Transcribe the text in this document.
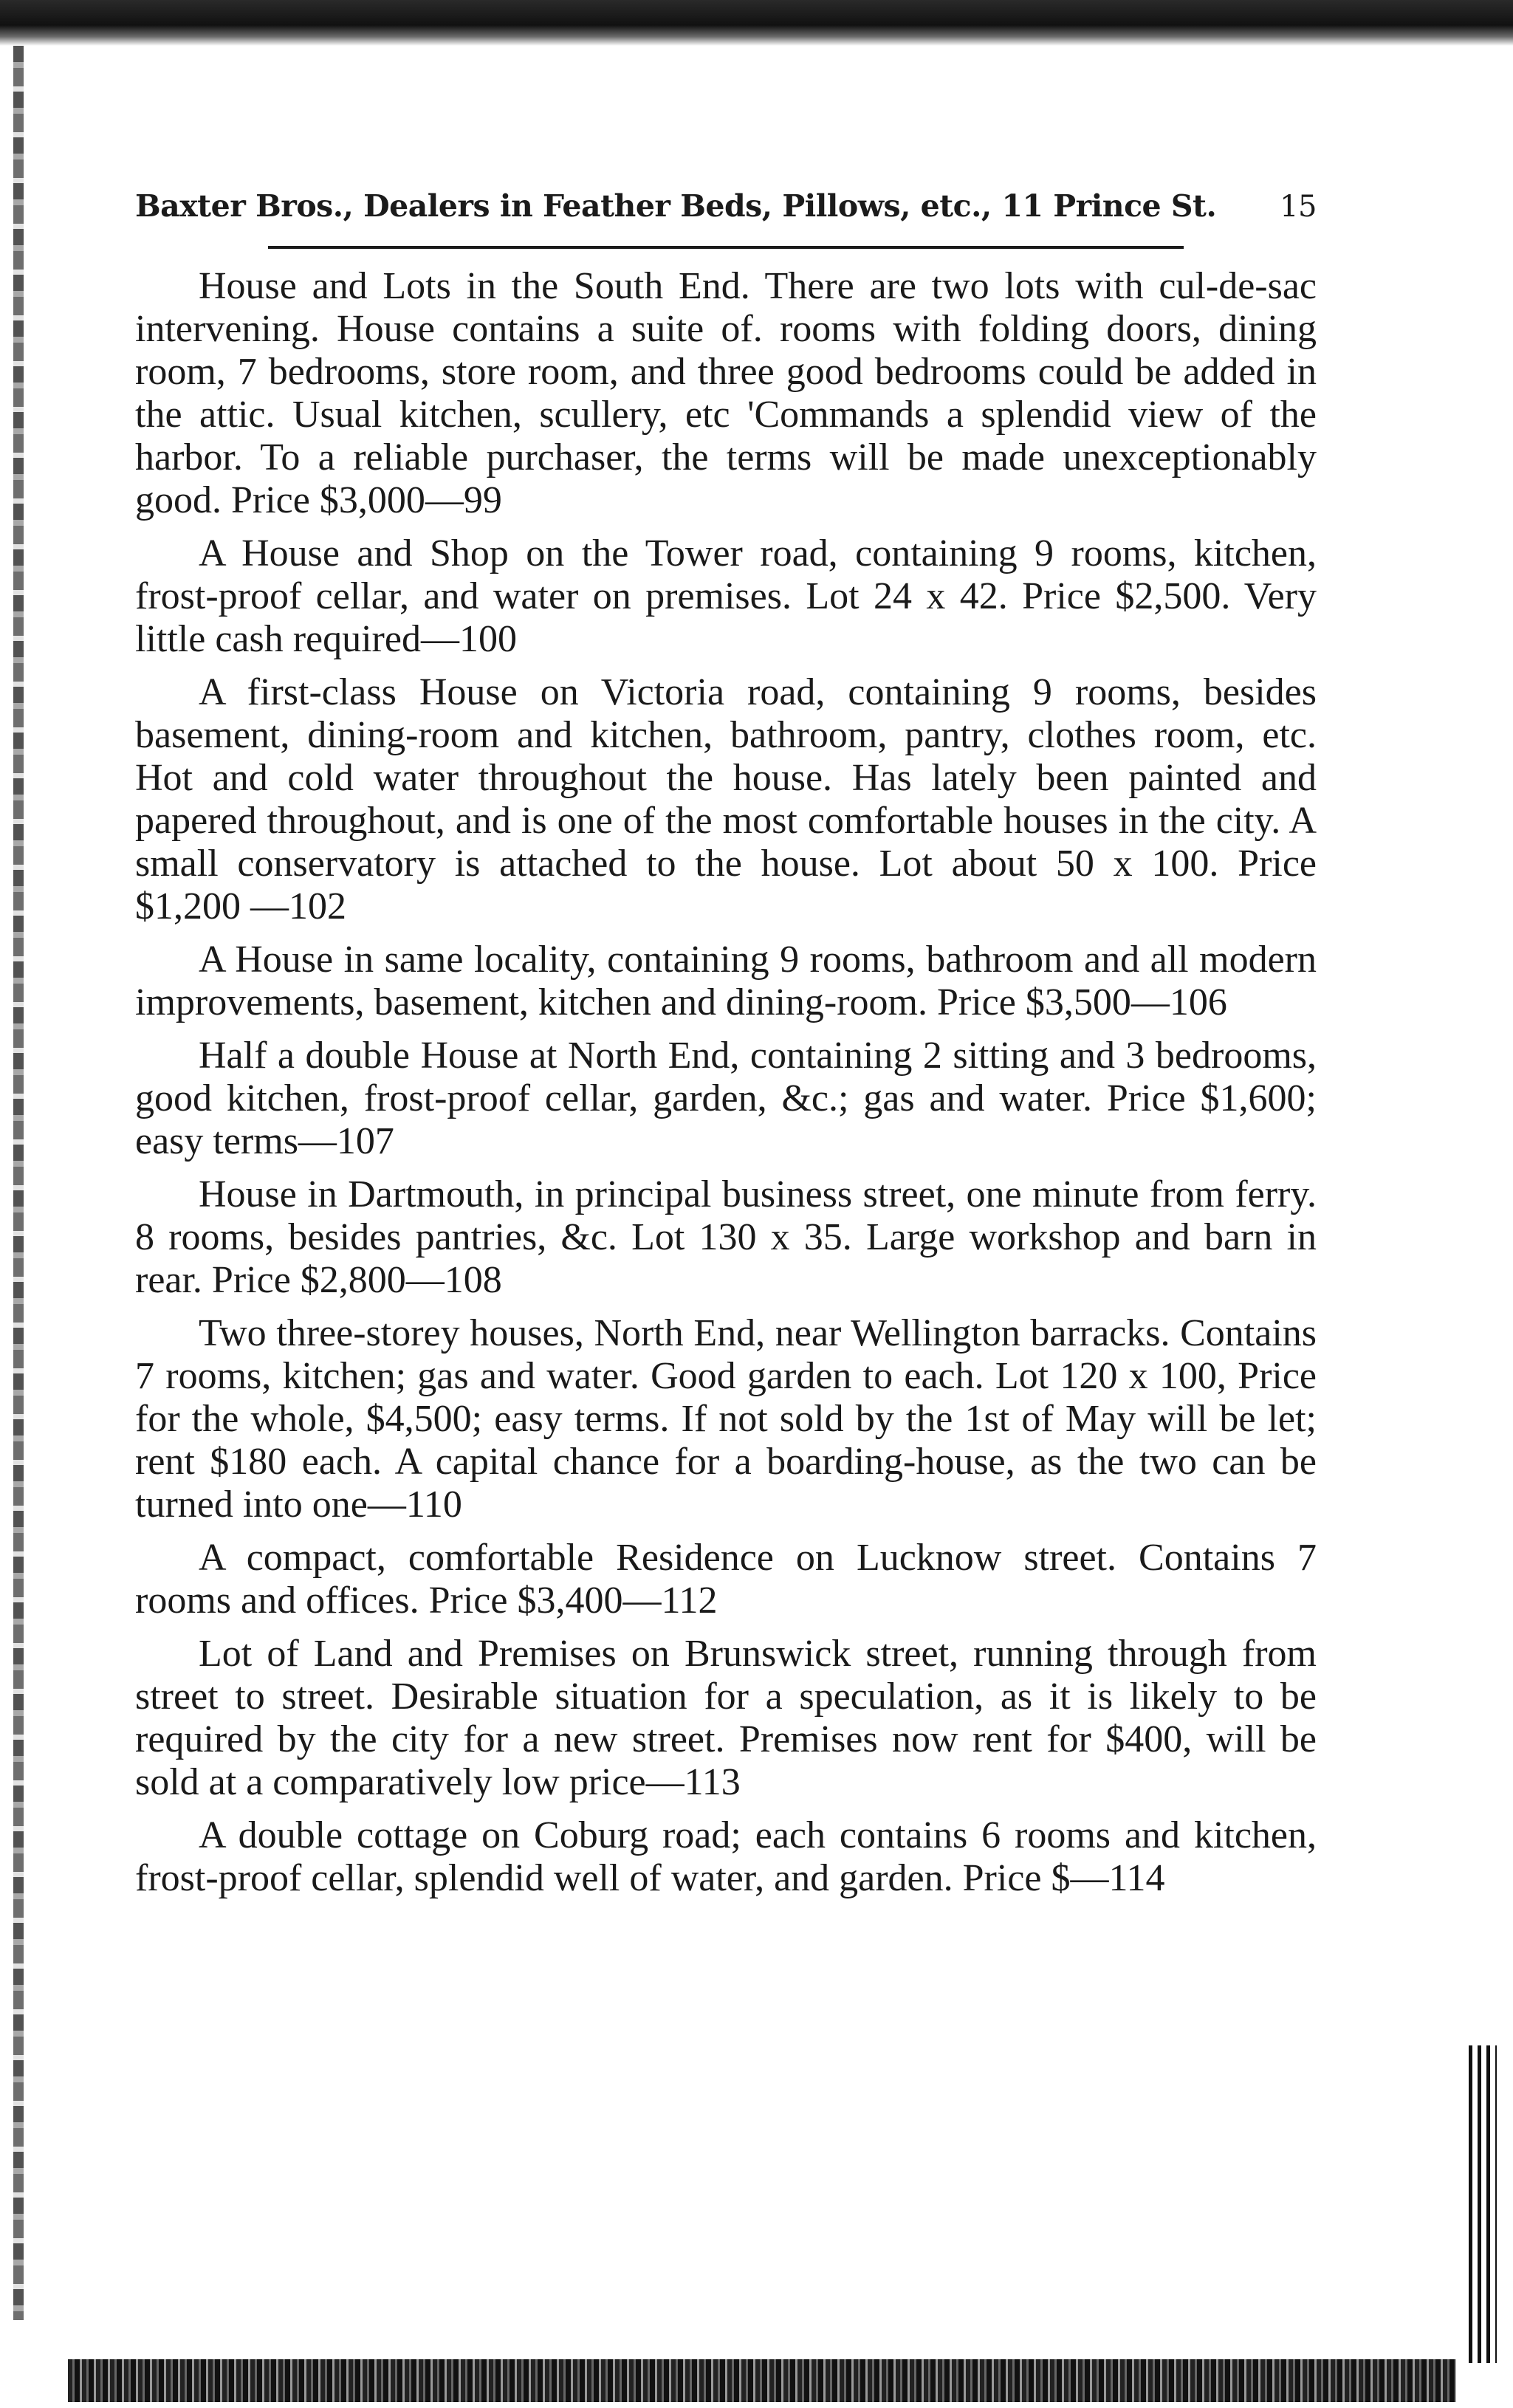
Baxter Bros., Dealers in Feather Beds, Pillows, etc., 11 Prince St. 15

House and Lots in the South End. There are two lots with cul-de-sac intervening. House contains a suite of. rooms with folding doors, dining room, 7 bedrooms, store room, and three good bedrooms could be added in the attic. Usual kitchen, scullery, etc 'Commands a splendid view of the harbor. To a reliable purchaser, the terms will be made unexceptionably good. Price $3,000—99

A House and Shop on the Tower road, containing 9 rooms, kitchen, frost-proof cellar, and water on premises. Lot 24 x 42. Price $2,500. Very little cash required—100

A first-class House on Victoria road, containing 9 rooms, besides basement, dining-room and kitchen, bathroom, pantry, clothes room, etc. Hot and cold water throughout the house. Has lately been painted and papered throughout, and is one of the most comfortable houses in the city. A small conservatory is attached to the house. Lot about 50 x 100. Price $1,200 —102

A House in same locality, containing 9 rooms, bathroom and all modern improvements, basement, kitchen and dining-room. Price $3,500—106

Half a double House at North End, containing 2 sitting and 3 bedrooms, good kitchen, frost-proof cellar, garden, &c.; gas and water. Price $1,600; easy terms—107

House in Dartmouth, in principal business street, one minute from ferry. 8 rooms, besides pantries, &c. Lot 130 x 35. Large workshop and barn in rear. Price $2,800—108

Two three-storey houses, North End, near Wellington barracks. Contains 7 rooms, kitchen; gas and water. Good garden to each. Lot 120 x 100, Price for the whole, $4,500; easy terms. If not sold by the 1st of May will be let; rent $180 each. A capital chance for a boarding-house, as the two can be turned into one—110

A compact, comfortable Residence on Lucknow street. Contains 7 rooms and offices. Price $3,400—112

Lot of Land and Premises on Brunswick street, running through from street to street. Desirable situation for a speculation, as it is likely to be required by the city for a new street. Premises now rent for $400, will be sold at a comparatively low price—113

A double cottage on Coburg road; each contains 6 rooms and kitchen, frost-proof cellar, splendid well of water, and garden. Price $—114
